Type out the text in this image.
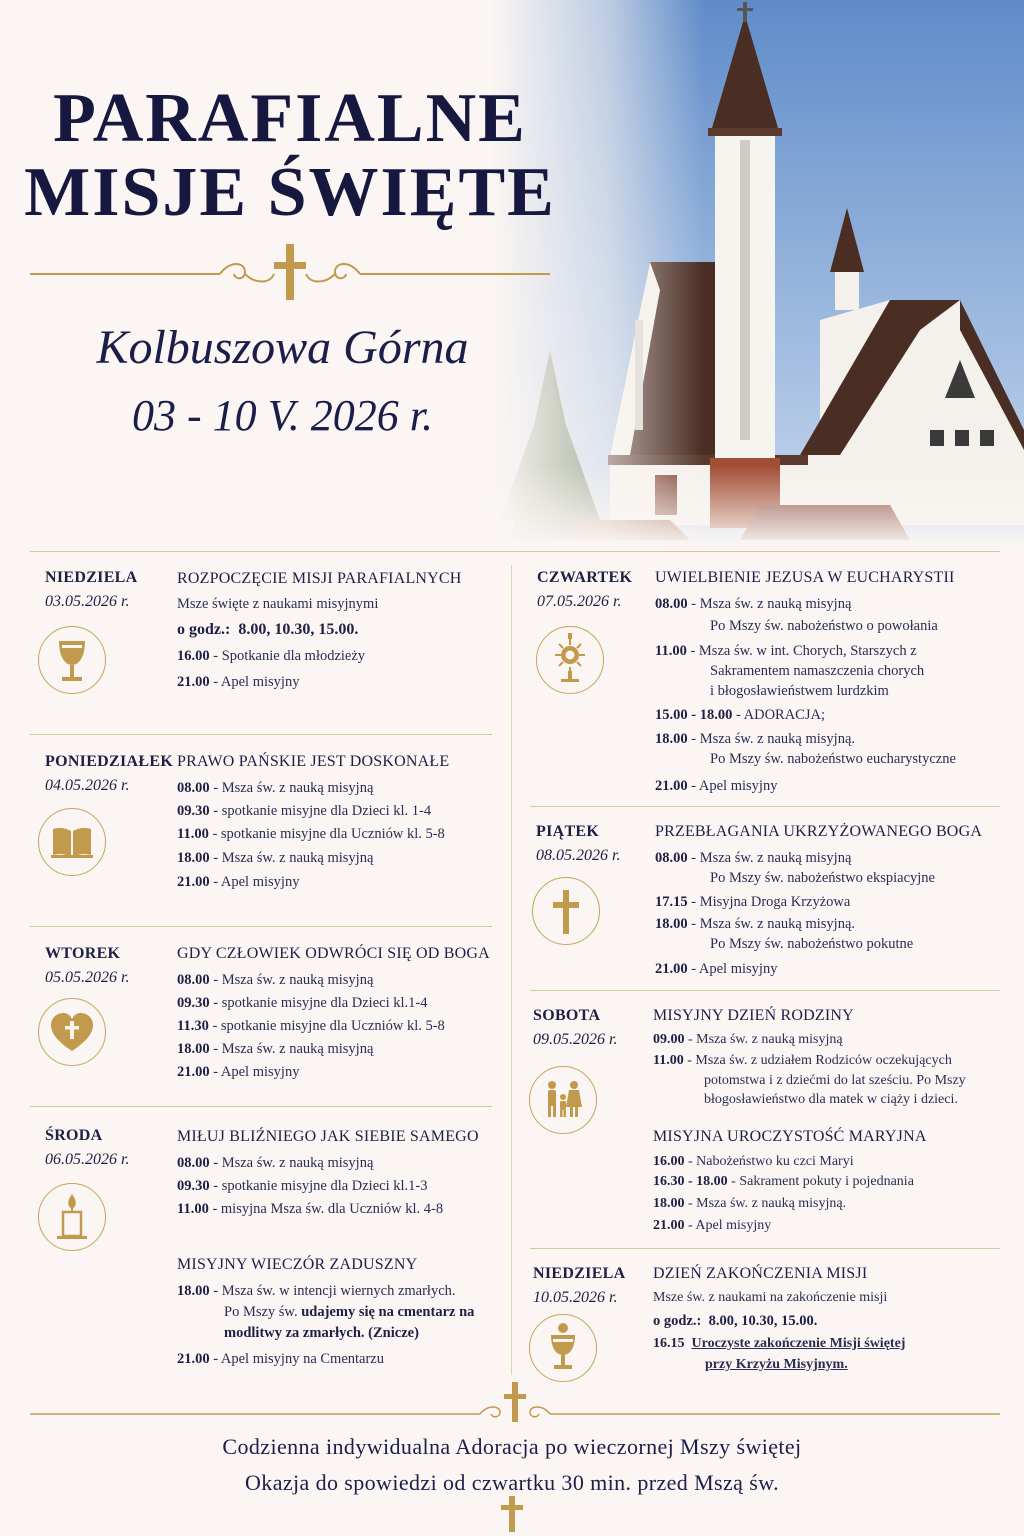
PARAFIALNE
MISJE ŚWIĘTE
Kolbuszowa Górna
03 - 10 V. 2026 r.
NIEDZIELA
03.05.2026 r.
ROZPOCZĘCIE MISJI PARAFIALNYCH
Msze święte z naukami misyjnymi
o godz.: 8.00, 10.30, 15.00.
16.00 - Spotkanie dla młodzieży
21.00 - Apel misyjny
PONIEDZIAŁEK
04.05.2026 r.
PRAWO PAŃSKIE JEST DOSKONAŁE
08.00 - Msza św. z nauką misyjną
09.30 - spotkanie misyjne dla Dzieci kl. 1-4
11.00 - spotkanie misyjne dla Uczniów kl. 5-8
18.00 - Msza św. z nauką misyjną
21.00 - Apel misyjny
WTOREK
05.05.2026 r.
GDY CZŁOWIEK ODWRÓCI SIĘ OD BOGA
08.00 - Msza św. z nauką misyjną
09.30 - spotkanie misyjne dla Dzieci kl.1-4
11.30 - spotkanie misyjne dla Uczniów kl. 5-8
18.00 - Msza św. z nauką misyjną
21.00 - Apel misyjny
ŚRODA
06.05.2026 r.
MIŁUJ BLIŹNIEGO JAK SIEBIE SAMEGO
08.00 - Msza św. z nauką misyjną
09.30 - spotkanie misyjne dla Dzieci kl.1-3
11.00 - misyjna Msza św. dla Uczniów kl. 4-8
MISYJNY WIECZÓR ZADUSZNY
18.00 - Msza św. w intencji wiernych zmarłych.
Po Mszy św. udajemy się na cmentarz na
modlitwy za zmarłych. (Znicze)
21.00 - Apel misyjny na Cmentarzu
CZWARTEK
07.05.2026 r.
UWIELBIENIE JEZUSA W EUCHARYSTII
08.00 - Msza św. z nauką misyjną
Po Mszy św. nabożeństwo o powołania
11.00 - Msza św. w int. Chorych, Starszych z
Sakramentem namaszczenia chorych
i błogosławieństwem lurdzkim
15.00 - 18.00 - ADORACJA;
18.00 - Msza św. z nauką misyjną.
Po Mszy św. nabożeństwo eucharystyczne
21.00 - Apel misyjny
PIĄTEK
08.05.2026 r.
PRZEBŁAGANIA UKRZYŻOWANEGO BOGA
08.00 - Msza św. z nauką misyjną
Po Mszy św. nabożeństwo ekspiacyjne
17.15 - Misyjna Droga Krzyżowa
18.00 - Msza św. z nauką misyjną.
Po Mszy św. nabożeństwo pokutne
21.00 - Apel misyjny
SOBOTA
09.05.2026 r.
MISYJNY DZIEŃ RODZINY
09.00 - Msza św. z nauką misyjną
11.00 - Msza św. z udziałem Rodziców oczekujących
potomstwa i z dziećmi do lat sześciu. Po Mszy
błogosławieństwo dla matek w ciąży i dzieci.
MISYJNA UROCZYSTOŚĆ MARYJNA
16.00 - Nabożeństwo ku czci Maryi
16.30 - 18.00 - Sakrament pokuty i pojednania
18.00 - Msza św. z nauką misyjną.
21.00 - Apel misyjny
NIEDZIELA
10.05.2026 r.
DZIEŃ ZAKOŃCZENIA MISJI
Msze św. z naukami na zakończenie misji
o godz.: 8.00, 10.30, 15.00.
16.15 Uroczyste zakończenie Misji świętej
przy Krzyżu Misyjnym.
Codzienna indywidualna Adoracja po wieczornej Mszy świętej
Okazja do spowiedzi od czwartku 30 min. przed Mszą św.
